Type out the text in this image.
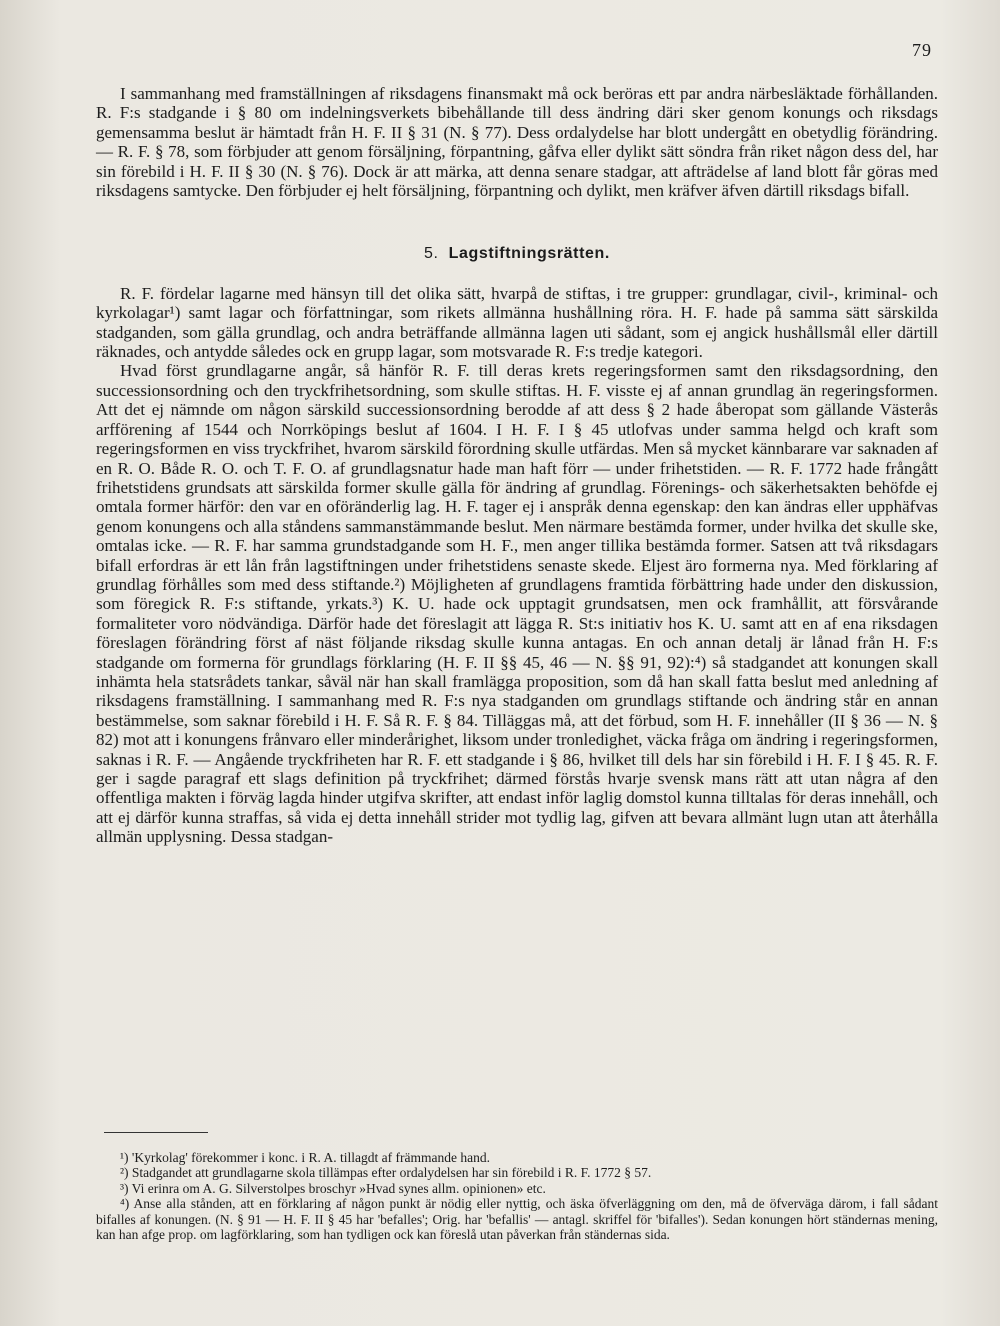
79

I sammanhang med framställningen af riksdagens finansmakt må ock beröras ett par andra närbesläktade förhållanden. R. F:s stadgande i § 80 om indelningsverkets bibehållande till dess ändring däri sker genom konungs och riksdags gemensamma beslut är hämtadt från H. F. II § 31 (N. § 77). Dess ordalydelse har blott undergått en obetydlig förändring. — R. F. § 78, som förbjuder att genom försäljning, förpantning, gåfva eller dylikt sätt söndra från riket någon dess del, har sin förebild i H. F. II § 30 (N. § 76). Dock är att märka, att denna senare stadgar, att afträdelse af land blott får göras med riksdagens samtycke. Den förbjuder ej helt försäljning, förpantning och dylikt, men kräfver äfven därtill riksdags bifall.

5. Lagstiftningsrätten.

R. F. fördelar lagarne med hänsyn till det olika sätt, hvarpå de stiftas, i tre grupper: grundlagar, civil-, kriminal- och kyrkolagar¹) samt lagar och författningar, som rikets allmänna hushållning röra. H. F. hade på samma sätt särskilda stadganden, som gälla grundlag, och andra beträffande allmänna lagen uti sådant, som ej angick hushållsmål eller därtill räknades, och antydde således ock en grupp lagar, som motsvarade R. F:s tredje kategori.

Hvad först grundlagarne angår, så hänför R. F. till deras krets regeringsformen samt den riksdagsordning, den successionsordning och den tryckfrihetsordning, som skulle stiftas. H. F. visste ej af annan grundlag än regeringsformen. Att det ej nämnde om någon särskild successionsordning berodde af att dess § 2 hade åberopat som gällande Västerås arfförening af 1544 och Norrköpings beslut af 1604. I H. F. I § 45 utlofvas under samma helgd och kraft som regeringsformen en viss tryckfrihet, hvarom särskild förordning skulle utfärdas. Men så mycket kännbarare var saknaden af en R. O. Både R. O. och T. F. O. af grundlagsnatur hade man haft förr — under frihetstiden. — R. F. 1772 hade frångått frihetstidens grundsats att särskilda former skulle gälla för ändring af grundlag. Förenings- och säkerhetsakten behöfde ej omtala former härför: den var en oföränderlig lag. H. F. tager ej i anspråk denna egenskap: den kan ändras eller upphäfvas genom konungens och alla ståndens sammanstämmande beslut. Men närmare bestämda former, under hvilka det skulle ske, omtalas icke. — R. F. har samma grundstadgande som H. F., men anger tillika bestämda former. Satsen att två riksdagars bifall erfordras är ett lån från lagstiftningen under frihetstidens senaste skede. Eljest äro formerna nya. Med förklaring af grundlag förhålles som med dess stiftande.²) Möjligheten af grundlagens framtida förbättring hade under den diskussion, som föregick R. F:s stiftande, yrkats.³) K. U. hade ock upptagit grundsatsen, men ock framhållit, att försvårande formaliteter voro nödvändiga. Därför hade det föreslagit att lägga R. St:s initiativ hos K. U. samt att en af ena riksdagen föreslagen förändring först af näst följande riksdag skulle kunna antagas. En och annan detalj är lånad från H. F:s stadgande om formerna för grundlags förklaring (H. F. II §§ 45, 46 — N. §§ 91, 92):⁴) så stadgandet att konungen skall inhämta hela statsrådets tankar, såväl när han skall framlägga proposition, som då han skall fatta beslut med anledning af riksdagens framställning. I sammanhang med R. F:s nya stadganden om grundlags stiftande och ändring står en annan bestämmelse, som saknar förebild i H. F. Så R. F. § 84. Tilläggas må, att det förbud, som H. F. innehåller (II § 36 — N. § 82) mot att i konungens frånvaro eller minderårighet, liksom under tronledighet, väcka fråga om ändring i regeringsformen, saknas i R. F. — Angående tryckfriheten har R. F. ett stadgande i § 86, hvilket till dels har sin förebild i H. F. I § 45. R. F. ger i sagde paragraf ett slags definition på tryckfrihet; därmed förstås hvarje svensk mans rätt att utan några af den offentliga makten i förväg lagda hinder utgifva skrifter, att endast inför laglig domstol kunna tilltalas för deras innehåll, och att ej därför kunna straffas, så vida ej detta innehåll strider mot tydlig lag, gifven att bevara allmänt lugn utan att återhålla allmän upplysning. Dessa stadgan-

¹) 'Kyrkolag' förekommer i konc. i R. A. tillagdt af främmande hand.

²) Stadgandet att grundlagarne skola tillämpas efter ordalydelsen har sin förebild i R. F. 1772 § 57.

³) Vi erinra om A. G. Silverstolpes broschyr »Hvad synes allm. opinionen» etc.

⁴) Anse alla stånden, att en förklaring af någon punkt är nödig eller nyttig, och äska öfverläggning om den, må de öfverväga därom, i fall sådant bifalles af konungen. (N. § 91 — H. F. II § 45 har 'befalles'; Orig. har 'befallis' — antagl. skriffel för 'bifalles'). Sedan konungen hört ständernas mening, kan han afge prop. om lagförklaring, som han tydligen ock kan föreslå utan påverkan från ständernas sida.
